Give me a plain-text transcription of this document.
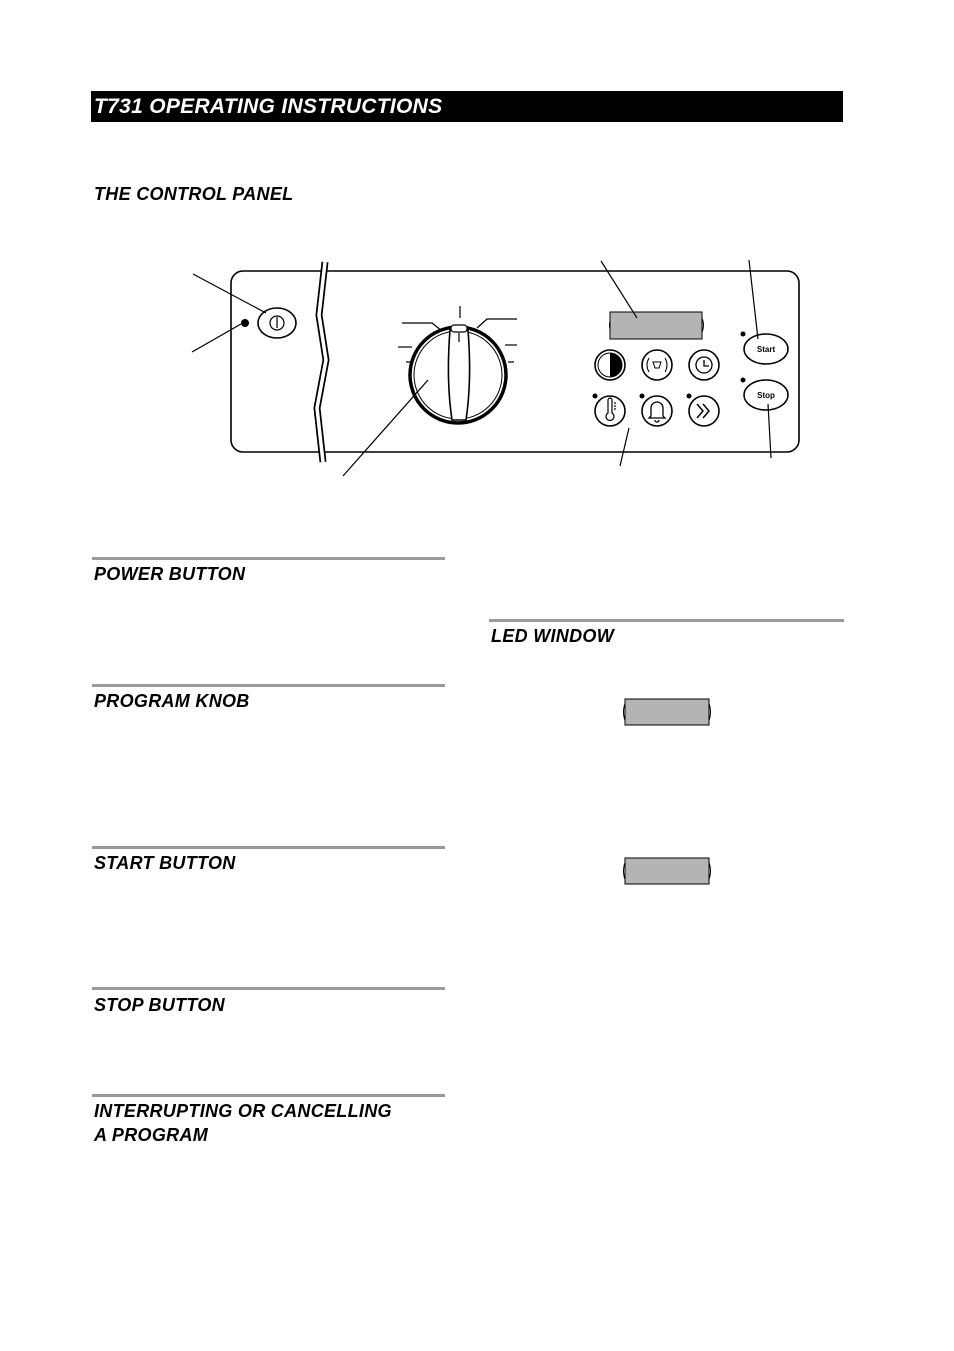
T731 OPERATING INSTRUCTIONS
THE CONTROL PANEL
Start
Stop
POWER BUTTON
PROGRAM KNOB
START BUTTON
STOP BUTTON
INTERRUPTING OR CANCELLING
A PROGRAM
LED WINDOW
